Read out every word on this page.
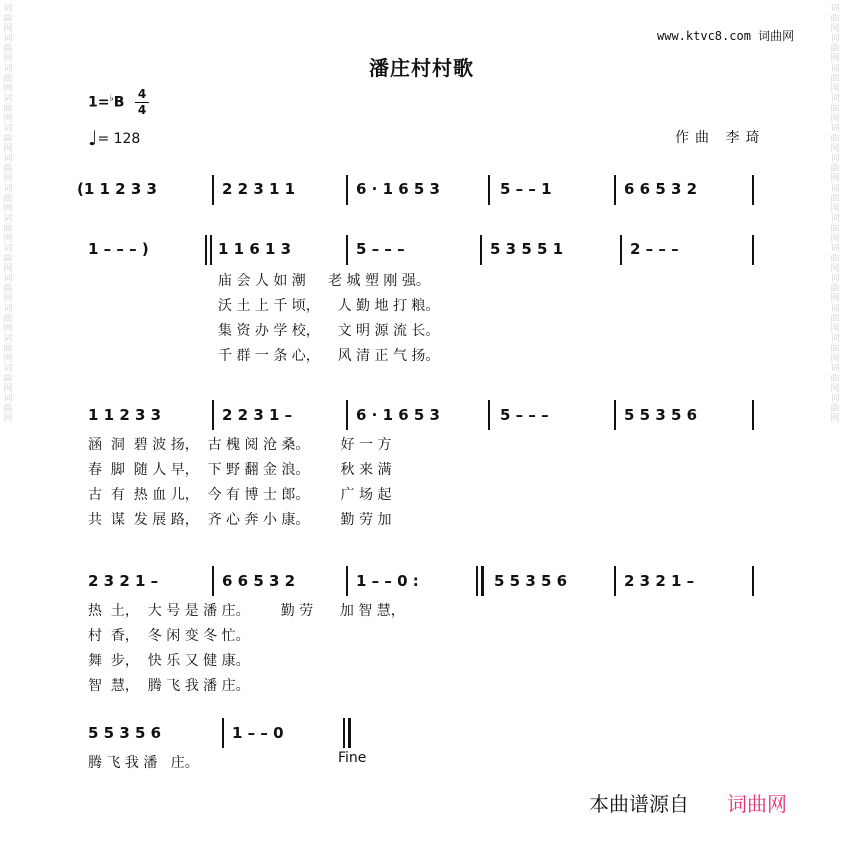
词曲网 词曲网 词曲网 词曲网 词曲网 词曲网 词曲网 词曲网 词曲网 词曲网 词曲网 词曲网 词曲网 词曲网
词曲网 词曲网 词曲网 词曲网 词曲网 词曲网 词曲网 词曲网 词曲网 词曲网 词曲网 词曲网 词曲网 词曲网
www.ktvc8.com 词曲网
潘庄村村歌
1=♭B
4
4
♩= 128	作曲 李琦
(1 1 2 3 3	2 2 3 1 1	6 · 1 6 5 3	5 – – 1	6 6 5 3 2
1 – – – )	1 1 6 1 3	5 – – –	5 3 5 5 1	2 – – –
庙 会 人 如 潮     老 城 塑 刚 强。
沃 土 上 千 顷，    人 勤 地 打 粮。
集 资 办 学 校，    文 明 源 流 长。
千 群 一 条 心，    风 清 正 气 扬。
1 1 2 3 3	2 2 3 1 –	6 · 1 6 5 3	5 – – –	5 5 3 5 6
涵  洞  碧 波 扬，  古 槐 阅 沧 桑。       好 一 方
春  脚  随 人 早，  下 野 翻 金 浪。       秋 来 满
古  有  热 血 儿，  今 有 博 士 郎。       广 场 起
共  谋  发 展 路，  齐 心 奔 小 康。       勤 劳 加
2 3 2 1 –	6 6 5 3 2	1 – – 0 :	5 5 3 5 6	2 3 2 1 –
热  土，  大 号 是 潘 庄。       勤 劳      加 智 慧，
村  香，  冬 闲 变 冬 忙。
舞  步，  快 乐 又 健 康。
智  慧，  腾 飞 我 潘 庄。
5 5 3 5 6	1 – – 0
腾 飞 我 潘   庄。	Fine
本曲谱源自 词曲网
